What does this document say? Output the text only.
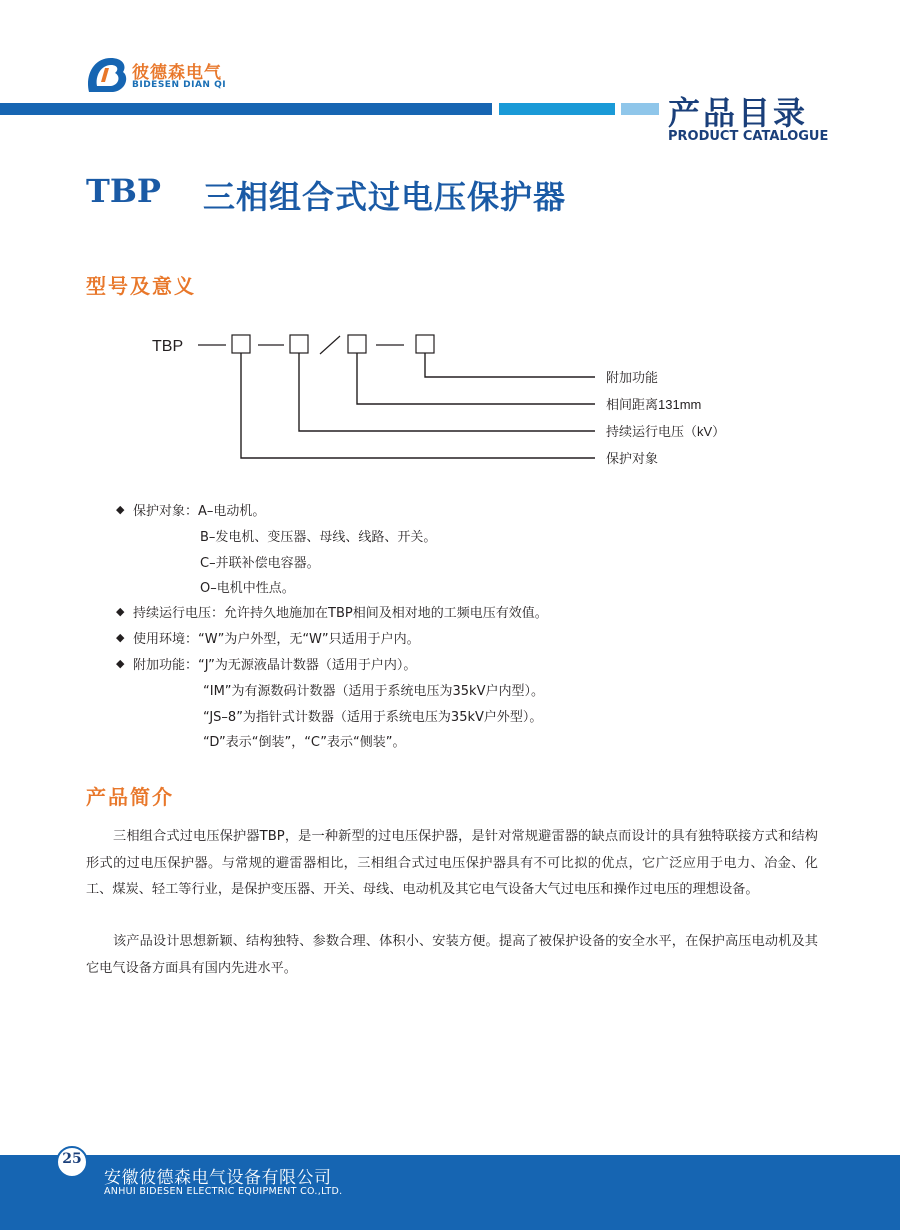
彼德森电气
BIDESEN DIAN QI
产品目录
PRODUCT CATALOGUE
TBP 三相组合式过电压保护器
型号及意义
TBP
附加功能
相间距离131mm
持续运行电压（kV）
保护对象
◆ 保护对象：A–电动机。
B–发电机、变压器、母线、线路、开关。
C–并联补偿电容器。
O–电机中性点。
◆ 持续运行电压：允许持久地施加在TBP相间及相对地的工频电压有效值。
◆ 使用环境：“W”为户外型，无“W”只适用于户内。
◆ 附加功能：“J”为无源液晶计数器（适用于户内）。
“IM”为有源数码计数器（适用于系统电压为35kV户内型）。
“JS–8”为指针式计数器（适用于系统电压为35kV户外型）。
“D”表示“倒装”，“C”表示“侧装”。
产品简介
三相组合式过电压保护器TBP，是一种新型的过电压保护器，是针对常规避雷器的缺点而设计的具有独特联接方式和结构形式的过电压保护器。与常规的避雷器相比，三相组合式过电压保护器具有不可比拟的优点，它广泛应用于电力、冶金、化工、煤炭、轻工等行业，是保护变压器、开关、母线、电动机及其它电气设备大气过电压和操作过电压的理想设备。
该产品设计思想新颖、结构独特、参数合理、体积小、安装方便。提高了被保护设备的安全水平，在保护高压电动机及其它电气设备方面具有国内先进水平。
25
安徽彼德森电气设备有限公司
ANHUI BIDESEN ELECTRIC EQUIPMENT CO.,LTD.
